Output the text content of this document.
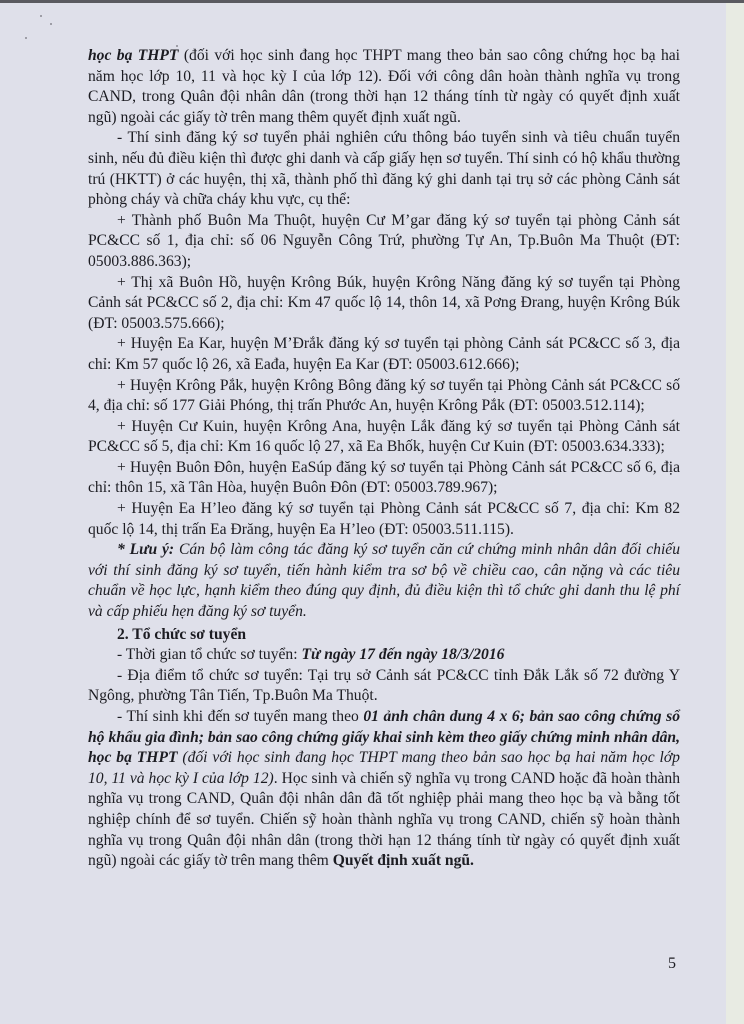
học bạ THPT (đối với học sinh đang học THPT mang theo bản sao công chứng học bạ hai năm học lớp 10, 11 và học kỳ I của lớp 12). Đối với công dân hoàn thành nghĩa vụ trong CAND, trong Quân đội nhân dân (trong thời hạn 12 tháng tính từ ngày có quyết định xuất ngũ) ngoài các giấy tờ trên mang thêm quyết định xuất ngũ.

- Thí sinh đăng ký sơ tuyển phải nghiên cứu thông báo tuyển sinh và tiêu chuẩn tuyển sinh, nếu đủ điều kiện thì được ghi danh và cấp giấy hẹn sơ tuyển. Thí sinh có hộ khẩu thường trú (HKTT) ở các huyện, thị xã, thành phố thì đăng ký ghi danh tại trụ sở các phòng Cảnh sát phòng cháy và chữa cháy khu vực, cụ thể:

+ Thành phố Buôn Ma Thuột, huyện Cư M’gar đăng ký sơ tuyển tại phòng Cảnh sát PC&CC số 1, địa chỉ: số 06 Nguyễn Công Trứ, phường Tự An, Tp.Buôn Ma Thuột (ĐT: 05003.886.363);

+ Thị xã Buôn Hồ, huyện Krông Búk, huyện Krông Năng đăng ký sơ tuyển tại Phòng Cảnh sát PC&CC số 2, địa chỉ: Km 47 quốc lộ 14, thôn 14, xã Pơng Đrang, huyện Krông Búk (ĐT: 05003.575.666);

+ Huyện Ea Kar, huyện M’Đrắk đăng ký sơ tuyển tại phòng Cảnh sát PC&CC số 3, địa chỉ: Km 57 quốc lộ 26, xã Eađa, huyện Ea Kar (ĐT: 05003.612.666);

+ Huyện Krông Pắk, huyện Krông Bông đăng ký sơ tuyển tại Phòng Cảnh sát PC&CC số 4, địa chỉ: số 177 Giải Phóng, thị trấn Phước An, huyện Krông Pắk (ĐT: 05003.512.114);

+ Huyện Cư Kuin, huyện Krông Ana, huyện Lắk đăng ký sơ tuyển tại Phòng Cảnh sát PC&CC số 5, địa chỉ: Km 16 quốc lộ 27, xã Ea Bhốk, huyện Cư Kuin (ĐT: 05003.634.333);

+ Huyện Buôn Đôn, huyện EaSúp đăng ký sơ tuyển tại Phòng Cảnh sát PC&CC số 6, địa chỉ: thôn 15, xã Tân Hòa, huyện Buôn Đôn (ĐT: 05003.789.967);

+ Huyện Ea H’leo đăng ký sơ tuyển tại Phòng Cảnh sát PC&CC số 7, địa chỉ: Km 82 quốc lộ 14, thị trấn Ea Đrăng, huyện Ea H’leo (ĐT: 05003.511.115).

* Lưu ý: Cán bộ làm công tác đăng ký sơ tuyển căn cứ chứng minh nhân dân đối chiếu với thí sinh đăng ký sơ tuyển, tiến hành kiểm tra sơ bộ về chiều cao, cân nặng và các tiêu chuẩn về học lực, hạnh kiểm theo đúng quy định, đủ điều kiện thì tổ chức ghi danh thu lệ phí và cấp phiếu hẹn đăng ký sơ tuyển.

2. Tổ chức sơ tuyển

- Thời gian tổ chức sơ tuyển: Từ ngày 17 đến ngày 18/3/2016

- Địa điểm tổ chức sơ tuyển: Tại trụ sở Cảnh sát PC&CC tỉnh Đắk Lắk số 72 đường Y Ngông, phường Tân Tiến, Tp.Buôn Ma Thuột.

- Thí sinh khi đến sơ tuyển mang theo 01 ảnh chân dung 4 x 6; bản sao công chứng sổ hộ khẩu gia đình; bản sao công chứng giấy khai sinh kèm theo giấy chứng minh nhân dân, học bạ THPT (đối với học sinh đang học THPT mang theo bản sao học bạ hai năm học lớp 10, 11 và học kỳ I của lớp 12). Học sinh và chiến sỹ nghĩa vụ trong CAND hoặc đã hoàn thành nghĩa vụ trong CAND, Quân đội nhân dân đã tốt nghiệp phải mang theo học bạ và bằng tốt nghiệp chính để sơ tuyển. Chiến sỹ hoàn thành nghĩa vụ trong CAND, chiến sỹ hoàn thành nghĩa vụ trong Quân đội nhân dân (trong thời hạn 12 tháng tính từ ngày có quyết định xuất ngũ) ngoài các giấy tờ trên mang thêm Quyết định xuất ngũ.

5
